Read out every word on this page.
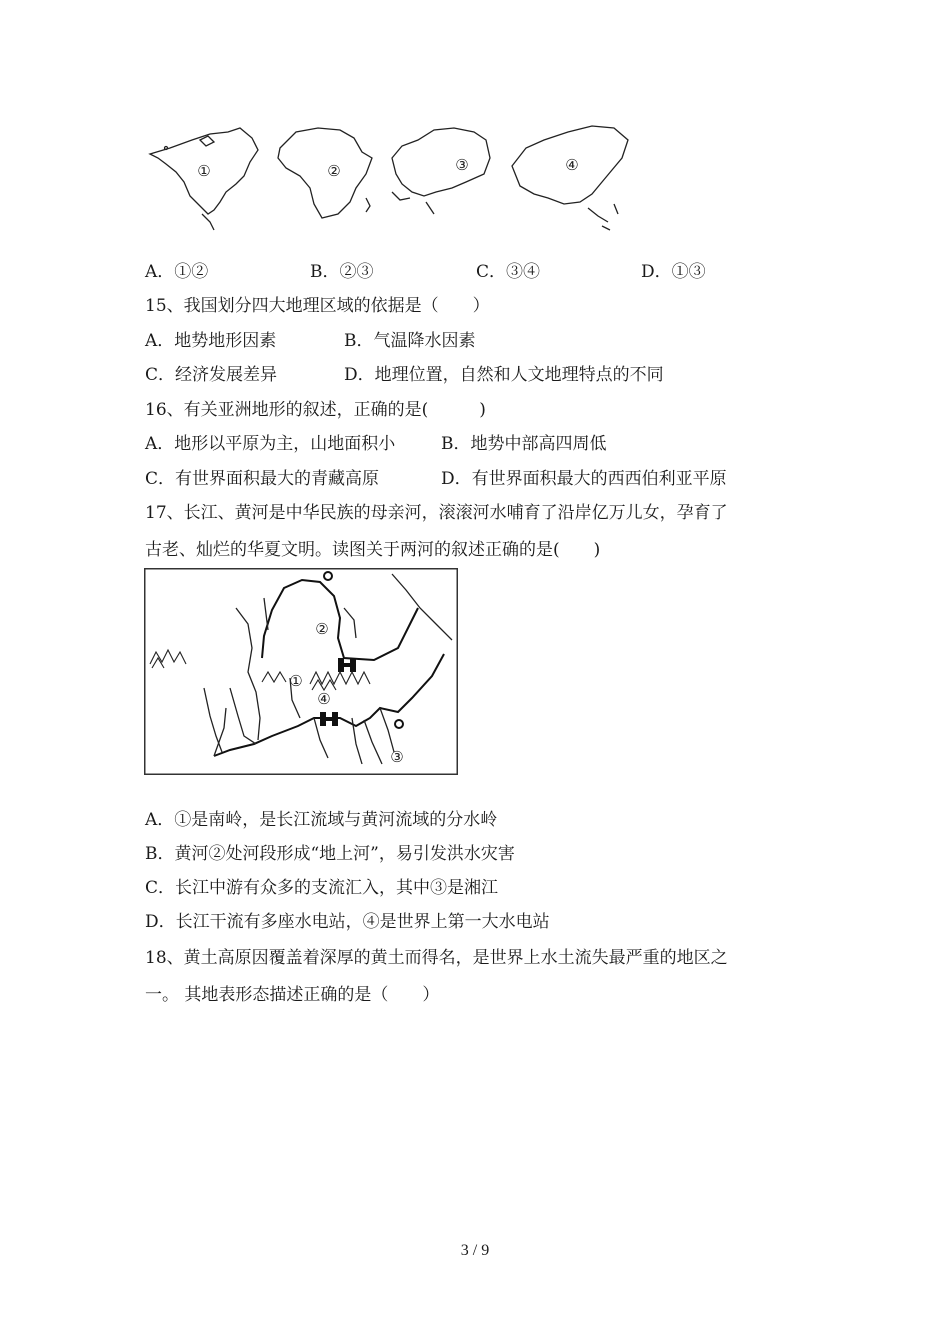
①	②	③	④
A．①②	B．②③	C．③④	D．①③
15、我国划分四大地理区域的依据是（　　）
A．地势地形因素	B．气温降水因素
C．经济发展差异	D．地理位置，自然和人文地理特点的不同
16、有关亚洲地形的叙述，正确的是(　　　)
A．地形以平原为主，山地面积小	B．地势中部高四周低
C．有世界面积最大的青藏高原	D．有世界面积最大的西西伯利亚平原
17、长江、黄河是中华民族的母亲河，滚滚河水哺育了沿岸亿万儿女，孕育了
古老、灿烂的华夏文明。读图关于两河的叙述正确的是(　　)
①
②
③
④
A．①是南岭，是长江流域与黄河流域的分水岭
B．黄河②处河段形成“地上河”，易引发洪水灾害
C．长江中游有众多的支流汇入，其中③是湘江
D．长江干流有多座水电站，④是世界上第一大水电站
18、黄土高原因覆盖着深厚的黄土而得名，是世界上水土流失最严重的地区之
一。 其地表形态描述正确的是（　　）
3 / 9
